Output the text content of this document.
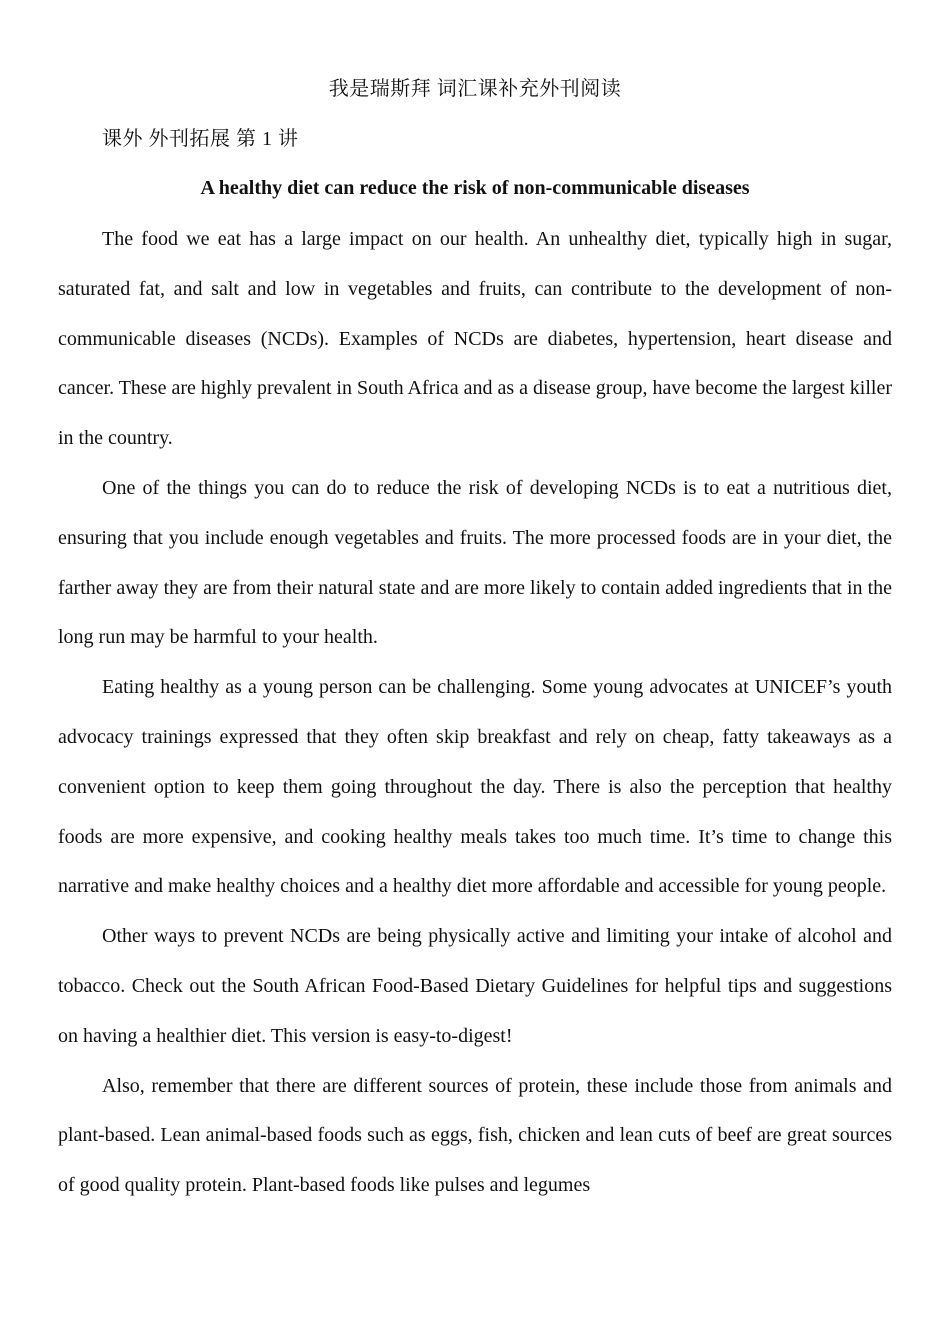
我是瑞斯拜 词汇课补充外刊阅读
课外 外刊拓展 第 1 讲
A healthy diet can reduce the risk of non-communicable diseases

The food we eat has a large impact on our health. An unhealthy diet, typically high in sugar, saturated fat, and salt and low in vegetables and fruits, can contribute to the development of non-communicable diseases (NCDs). Examples of NCDs are diabetes, hypertension, heart disease and cancer. These are highly prevalent in South Africa and as a disease group, have become the largest killer in the country.

One of the things you can do to reduce the risk of developing NCDs is to eat a nutritious diet, ensuring that you include enough vegetables and fruits. The more processed foods are in your diet, the farther away they are from their natural state and are more likely to contain added ingredients that in the long run may be harmful to your health.

Eating healthy as a young person can be challenging. Some young advocates at UNICEF’s youth advocacy trainings expressed that they often skip breakfast and rely on cheap, fatty takeaways as a convenient option to keep them going throughout the day. There is also the perception that healthy foods are more expensive, and cooking healthy meals takes too much time. It’s time to change this narrative and make healthy choices and a healthy diet more affordable and accessible for young people.

Other ways to prevent NCDs are being physically active and limiting your intake of alcohol and tobacco. Check out the South African Food-Based Dietary Guidelines for helpful tips and suggestions on having a healthier diet. This version is easy-to-digest!

Also, remember that there are different sources of protein, these include those from animals and plant-based. Lean animal-based foods such as eggs, fish, chicken and lean cuts of beef are great sources of good quality protein. Plant-based foods like pulses and legumes
